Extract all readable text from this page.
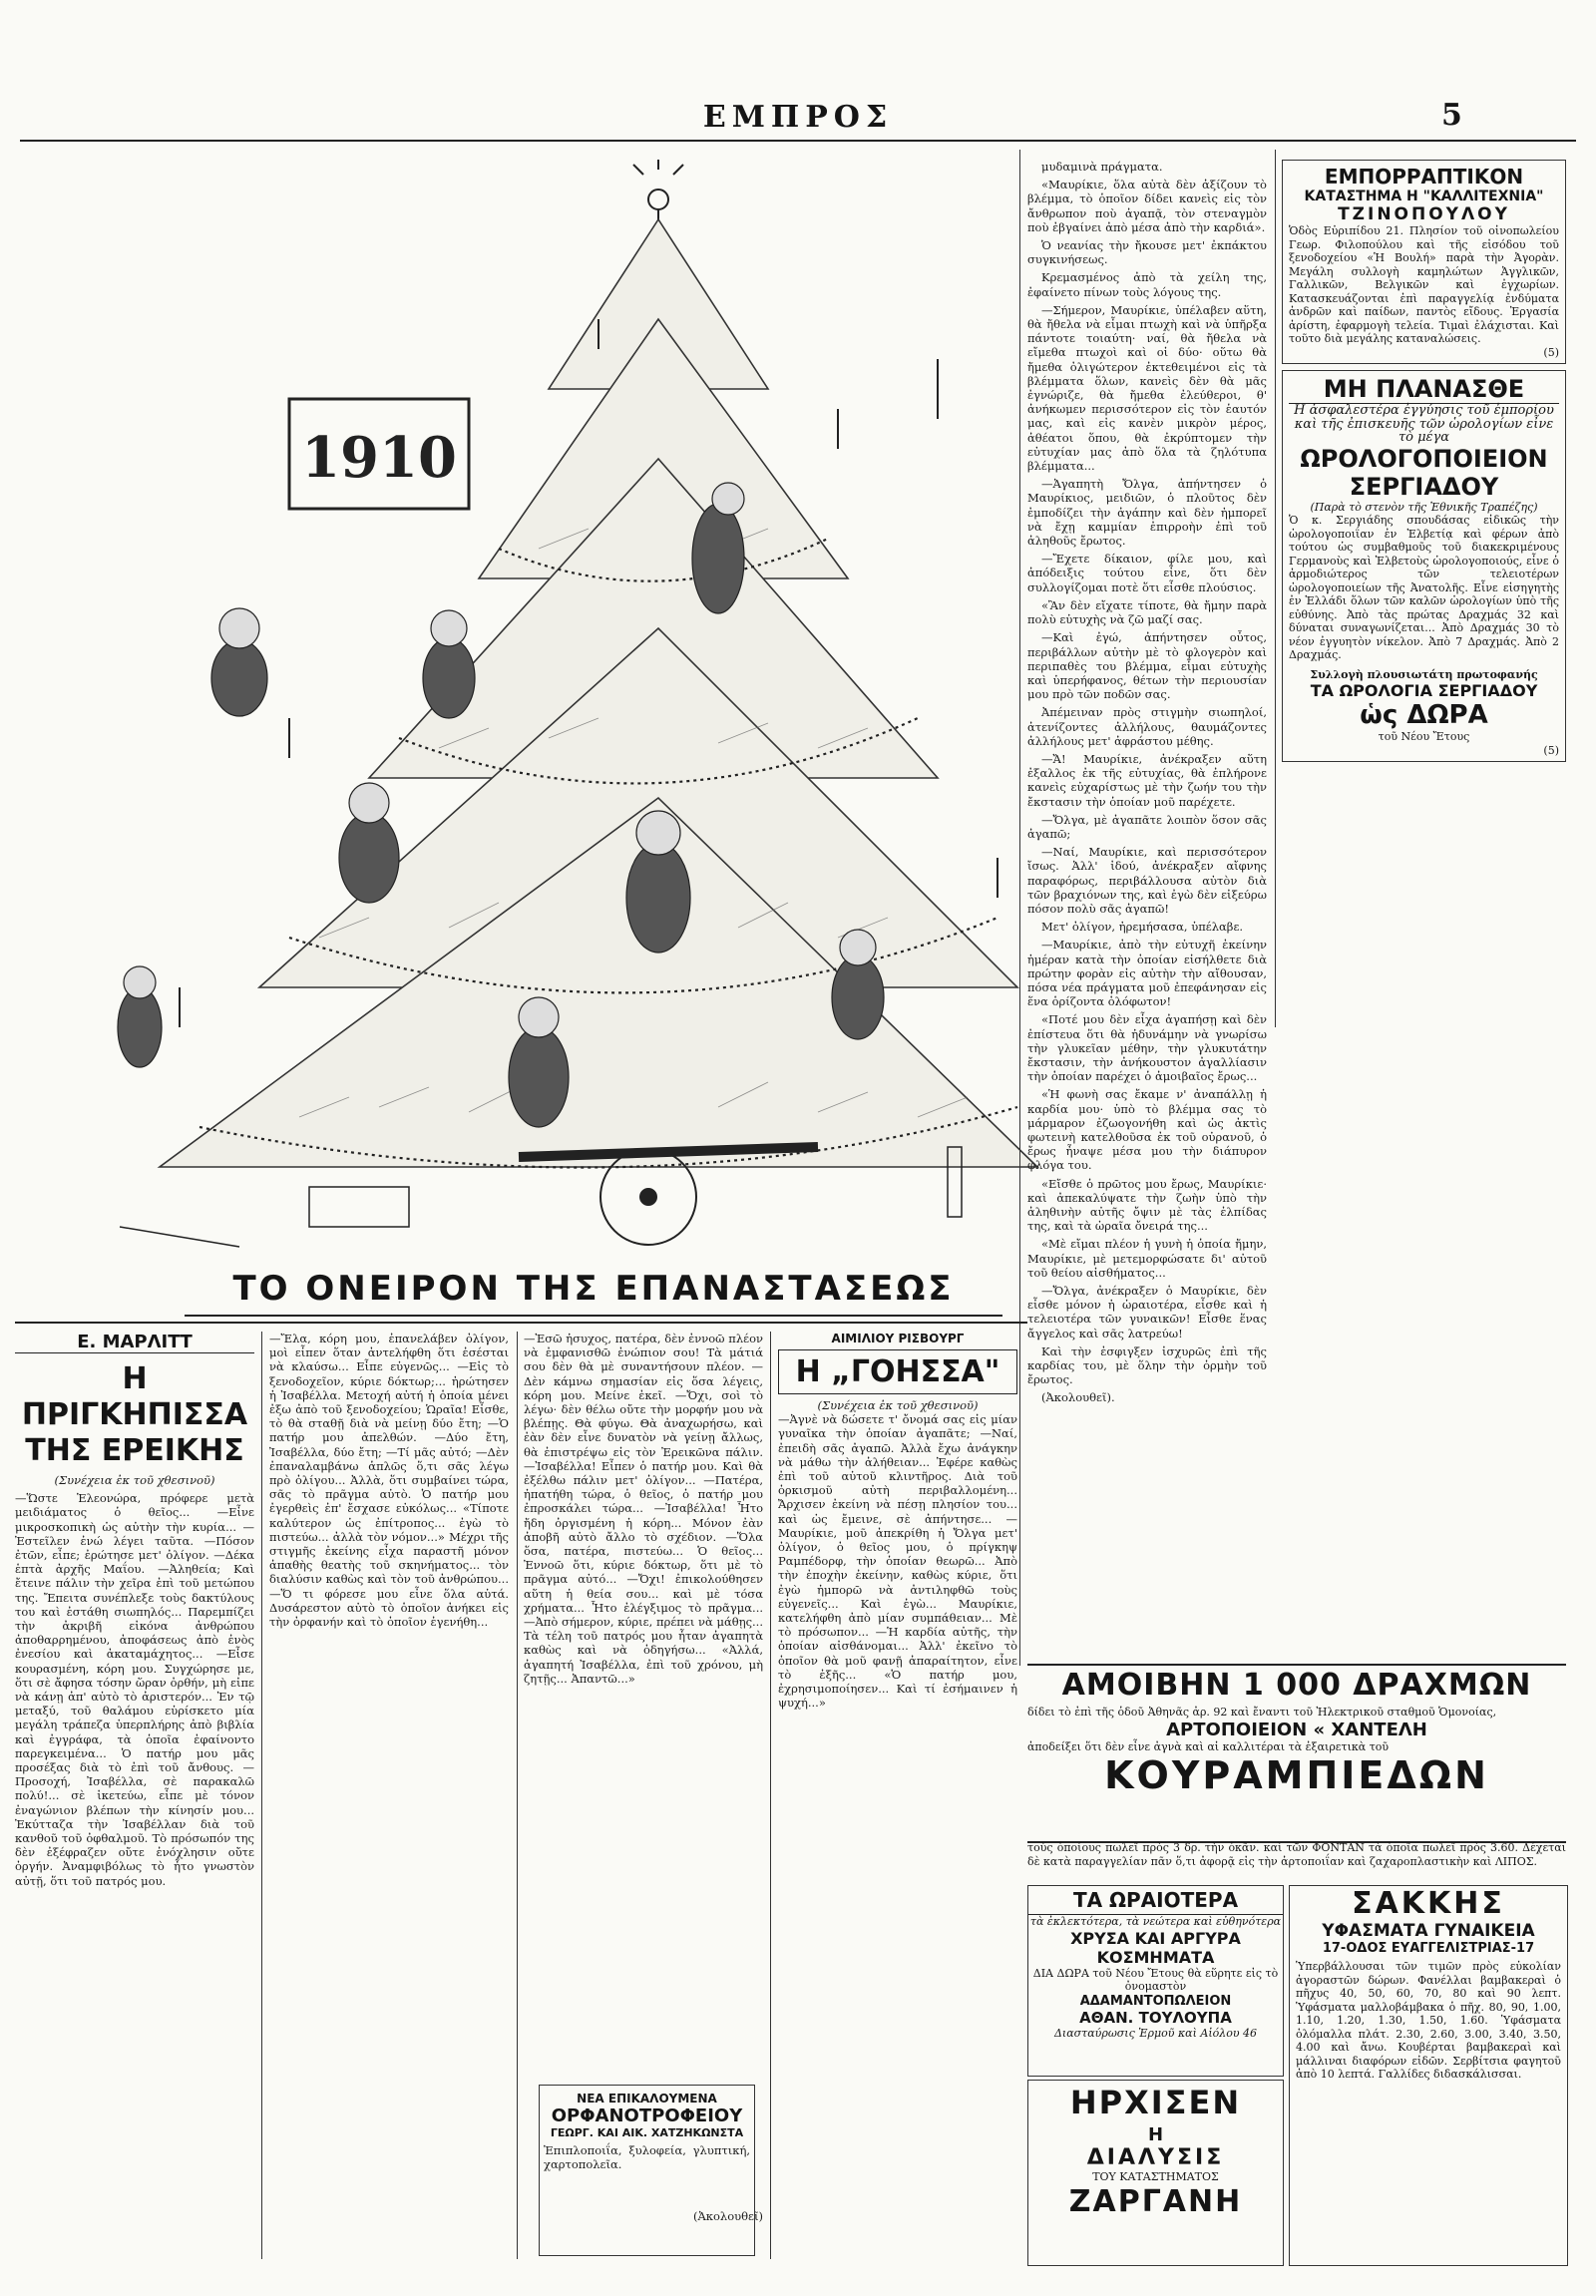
ΕΜΠΡΟΣ	5
1910
ΤΟ ΟΝΕΙΡΟΝ ΤΗΣ ΕΠΑΝΑΣΤΑΣΕΩΣ

μυδαμινὰ πράγματα.

«Μαυρίκιε, ὅλα αὐτὰ δὲν ἀξίζουν τὸ βλέμμα, τὸ ὁποῖον δίδει κανεὶς εἰς τὸν ἄνθρωπον ποὺ ἀγαπᾷ, τὸν στεναγμὸν ποὺ ἐβγαίνει ἀπὸ μέσα ἀπὸ τὴν καρδιά».

Ὁ νεανίας τὴν ἤκουσε μετ' ἐκπάκτου συγκινήσεως.

Κρεμασμένος ἀπὸ τὰ χείλη της, ἐφαίνετο πίνων τοὺς λόγους της.

—Σήμερον, Μαυρίκιε, ὑπέλαβεν αὕτη, θὰ ἤθελα νὰ εἶμαι πτωχὴ καὶ νὰ ὑπῆρξα πάντοτε τοιαύτη· ναί, θὰ ἤθελα νὰ εἴμεθα πτωχοὶ καὶ οἱ δύο· οὕτω θὰ ἤμεθα ὀλιγώτερον ἐκτεθειμένοι εἰς τὰ βλέμματα ὅλων, κανεὶς δὲν θὰ μᾶς ἐγνώριζε, θὰ ἤμεθα ἐλεύθεροι, θ' ἀνήκωμεν περισσότερον εἰς τὸν ἑαυτόν μας, καὶ εἰς κανὲν μικρὸν μέρος, ἀθέατοι ὅπου, θὰ ἐκρύπτομεν τὴν εὐτυχίαν μας ἀπὸ ὅλα τὰ ζηλότυπα βλέμματα...

—Ἀγαπητὴ Ὄλγα, ἀπήντησεν ὁ Μαυρίκιος, μειδιῶν, ὁ πλοῦτος δὲν ἐμποδίζει τὴν ἀγάπην καὶ δὲν ἠμπορεῖ νὰ ἔχῃ καμμίαν ἐπιρροὴν ἐπὶ τοῦ ἀληθοῦς ἔρωτος.

—Ἔχετε δίκαιον, φίλε μου, καὶ ἀπόδειξις τούτου εἶνε, ὅτι δὲν συλλογίζομαι ποτὲ ὅτι εἶσθε πλούσιος.

«Ἂν δὲν εἴχατε τίποτε, θὰ ἤμην παρὰ πολὺ εὐτυχὴς νὰ ζῶ μαζί σας.

—Καὶ ἐγώ, ἀπήντησεν οὗτος, περιβάλλων αὐτὴν μὲ τὸ φλογερὸν καὶ περιπαθὲς του βλέμμα, εἶμαι εὐτυχὴς καὶ ὑπερήφανος, θέτων τὴν περιουσίαν μου πρὸ τῶν ποδῶν σας.

Ἀπέμειναν πρὸς στιγμὴν σιωπηλοί, ἀτενίζοντες ἀλλήλους, θαυμάζοντες ἀλλήλους μετ' ἀφράστου μέθης.

—Ἄ! Μαυρίκιε, ἀνέκραξεν αὕτη ἐξαλλος ἐκ τῆς εὐτυχίας, θὰ ἐπλήρονε κανεὶς εὐχαρίστως μὲ τὴν ζωήν του τὴν ἔκστασιν τὴν ὁποίαν μοῦ παρέχετε.

—Ὄλγα, μὲ ἀγαπᾶτε λοιπὸν ὅσον σᾶς ἀγαπῶ;

—Ναί, Μαυρίκιε, καὶ περισσότερον ἴσως. Ἀλλ' ἰδού, ἀνέκραξεν αἴφνης παραφόρως, περιβάλλουσα αὐτὸν διὰ τῶν βραχιόνων της, καὶ ἐγὼ δὲν εἰξεύρω πόσον πολὺ σᾶς ἀγαπῶ!

Μετ' ὀλίγον, ἠρεμήσασα, ὑπέλαβε.

—Μαυρίκιε, ἀπὸ τὴν εὐτυχῆ ἐκείνην ἡμέραν κατὰ τὴν ὁποίαν εἰσήλθετε διὰ πρώτην φορὰν εἰς αὐτὴν τὴν αἴθουσαν, πόσα νέα πράγματα μοῦ ἐπεφάνησαν εἰς ἕνα ὁρίζοντα ὁλόφωτον!

«Ποτέ μου δὲν εἶχα ἀγαπήσῃ καὶ δὲν ἐπίστευα ὅτι θὰ ἠδυνάμην νὰ γνωρίσω τὴν γλυκεῖαν μέθην, τὴν γλυκυτάτην ἔκστασιν, τὴν ἀνήκουστον ἀγαλλίασιν τὴν ὁποίαν παρέχει ὁ ἀμοιβαῖος ἔρως...

«Ἡ φωνὴ σας ἔκαμε ν' ἀναπάλλῃ ἡ καρδία μου· ὑπὸ τὸ βλέμμα σας τὸ μάρμαρον ἐζωογονήθη καὶ ὡς ἀκτὶς φωτεινὴ κατελθοῦσα ἐκ τοῦ οὐρανοῦ, ὁ ἔρως ἦναψε μέσα μου τὴν διάπυρον φλόγα του.

«Εἴσθε ὁ πρῶτος μου ἔρως, Μαυρίκιε· καὶ ἀπεκαλύψατε τὴν ζωὴν ὑπὸ τὴν ἀληθινὴν αὐτῆς ὄψιν μὲ τὰς ἐλπίδας της, καὶ τὰ ὡραῖα ὄνειρά της...

«Μὲ εἴμαι πλέον ἡ γυνὴ ἡ ὁποία ἤμην, Μαυρίκιε, μὲ μετεμορφώσατε δι' αὐτοῦ τοῦ θείου αἰσθήματος...

—Ὄλγα, ἀνέκραξεν ὁ Μαυρίκιε, δὲν εἶσθε μόνον ἡ ὡραιοτέρα, εἶσθε καὶ ἡ τελειοτέρα τῶν γυναικῶν! Εἶσθε ἕνας ἄγγελος καὶ σᾶς λατρεύω!

Καὶ τὴν ἐσφιγξεν ἰσχυρῶς ἐπὶ τῆς καρδίας του, μὲ ὅλην τὴν ὁρμὴν τοῦ ἔρωτος.

(Ἀκολουθεῖ).

ΕΜΠΟΡΡΑΠΤΙΚΟΝ
ΚΑΤΑΣΤΗΜΑ Η "ΚΑΛΛΙΤΕΧΝΙΑ"
ΤΖΙΝΟΠΟΥΛΟΥ
Ὁδὸς Εὐριπίδου 21. Πλησίον τοῦ οἰνοπωλείου Γεωρ. Φιλοπούλου καὶ τῆς εἰσόδου τοῦ ξενοδοχείου «Ἡ Βουλή» παρὰ τὴν Ἀγορὰν. Μεγάλη συλλογὴ καμηλώτων Ἀγγλικῶν, Γαλλικῶν, Βελγικῶν καὶ ἐγχωρίων. Κατασκευάζονται ἐπὶ παραγγελίᾳ ἐνδύματα ἀνδρῶν καὶ παίδων, παντὸς εἴδους. Ἐργασία ἀρίστη, ἐφαρμογὴ τελεία. Τιμαὶ ἐλάχισται. Καὶ τοῦτο διὰ μεγάλης καταναλώσεις.
(5)
ΜΗ ΠΛΑΝΑΣΘΕ
Η ἀσφαλεστέρα ἐγγύησις τοῦ ἐμπορίου καὶ τῆς ἐπισκευῆς τῶν ὡρολογίων εἶνε τὸ μέγα
ΩΡΟΛΟΓΟΠΟΙΕΙΟΝ ΣΕΡΓΙΑΔΟΥ
(Παρὰ τὸ στενὸν τῆς Ἐθνικῆς Τραπέζης)
Ὁ κ. Σεργιάδης σπουδάσας εἰδικῶς τὴν ὡρολογοποιΐαν ἐν Ἑλβετίᾳ καὶ φέρων ἀπὸ τούτου ὡς συμβαθμοῦς τοῦ διακεκριμένους Γερμανοὺς καὶ Ἑλβετοὺς ὡρολογοποιούς, εἶνε ὁ ἀρμοδιώτερος τῶν τελειοτέρων ὡρολογοποιείων τῆς Ἀνατολῆς. Εἶνε εἰσηγητὴς ἐν Ἑλλάδι ὅλων τῶν καλῶν ὡρολογίων ὑπὸ τῆς εὐθύνης. Ἀπὸ τὰς πρώτας Δραχμάς 32 καὶ δύναται συναγωνίζεται... Ἀπὸ Δραχμάς 30 τὸ νέον ἐγγυητὸν νίκελον. Ἀπὸ 7 Δραχμάς. Ἀπὸ 2 Δραχμάς.
Συλλογὴ πλουσιωτάτη πρωτοφανής
ΤΑ ΩΡΟΛΟΓΙΑ ΣΕΡΓΙΑΔΟΥ
ὡς ΔΩΡΑ
τοῦ Νέου Ἔτους
(5)
Ε. ΜΑΡΛΙΤΤ
Η ΠΡΙΓΚΗΠΙΣΣΑ
ΤΗΣ ΕΡΕΙΚΗΣ
(Συνέχεια ἐκ τοῦ χθεσινοῦ)
—Ὥστε Ἑλεονώρα, πρόφερε μετὰ μειδιάματος ὁ θεῖος... —Εἶνε μικροσκοπικὴ ὡς αὐτὴν τὴν κυρία... —Ἐστεῖλεν ἐνώ λέγει ταῦτα. —Πόσον ἐτῶν, εἶπε; ἐρώτησε μετ' ὀλίγον. —Δέκα ἑπτὰ ἀρχῆς Μαΐου. —Ἀληθεία; Καὶ ἔτεινε πάλιν τὴν χεῖρα ἐπὶ τοῦ μετώπου της. Ἔπειτα συνέπλεξε τοὺς δακτύλους του καὶ ἐστάθη σιωπηλός... Παρεμπίζει τὴν ἀκριβῆ εἰκόνα ἀνθρώπου ἀποθαρρημένου, ἀποφάσεως ἀπὸ ἐνὸς ἐνεσίου καὶ ἀκαταμάχητος... —Εἶσε κουρασμένη, κόρη μου. Συγχώρησε με, ὅτι σὲ ἄφησα τόσην ὥραν ὀρθήν, μὴ εἰπε νὰ κάνῃ ἀπ' αὐτὸ τὸ ἀριστερόν... Ἐν τῷ μεταξύ, τοῦ θαλάμου εὑρίσκετο μία μεγάλη τράπεζα ὑπερπλήρης ἀπὸ βιβλία καὶ ἐγγράφα, τὰ ὁποῖα ἐφαίνοντο παρεγκειμένα... Ὁ πατήρ μου μᾶς προσέξας διὰ τὸ ἐπὶ τοῦ ἄνθους. —Προσοχή, Ἰσαβέλλα, σὲ παρακαλῶ πολύ!... σὲ ἱκετεύω, εἶπε μὲ τόνον ἐναγώνιον βλέπων τὴν κίνησίν μου... Ἐκύτταζα τὴν Ἰσαβέλλαν διὰ τοῦ κανθοῦ τοῦ ὀφθαλμοῦ. Τὸ πρόσωπόν της δὲν ἐξέφραζεν οὔτε ἐνόχλησιν οὔτε ὀργήν. Ἀναμφιβόλως τὸ ἦτο γνωστὸν αὐτῇ, ὅτι τοῦ πατρός μου.
—Ἔλα, κόρη μου, ἐπανελάβεν ὀλίγον, μοὶ εἶπεν ὅταν ἀντελήφθη ὅτι ἐσέσται νὰ κλαύσω... Εἶπε εὐγενῶς... —Εἰς τὸ ξενοδοχεῖον, κύριε δόκτωρ;... ἠρώτησεν ἡ Ἰσαβέλλα. Μετοχή αὐτή ἡ ὁποία μένει ἐξω ἀπὸ τοῦ ξενοδοχείου; Ὡραῖα! Εἶσθε, τὸ θὰ σταθῇ διὰ νὰ μείνῃ δύο ἔτη; —Ὁ πατήρ μου ἀπελθών. —Δύο ἔτη, Ἰσαβέλλα, δύο ἔτη; —Τί μᾶς αὐτό; —Δὲν ἐπαναλαμβάνω ἁπλῶς ὅ,τι σᾶς λέγω πρὸ ὀλίγου... Ἀλλὰ, ὅτι συμβαίνει τώρα, σᾶς τὸ πρᾶγμα αὐτὸ. Ὁ πατήρ μου ἐγερθεὶς ἐπ' ἔσχασε εὐκόλως... «Τίποτε καλύτερον ὡς ἐπίτροπος... ἐγὼ τὸ πιστεύω... ἀλλὰ τὸν νόμον...» Μέχρι τῆς στιγμῆς ἐκείνης εἶχα παραστῆ μόνον ἀπαθὴς θεατὴς τοῦ σκηνήματος... τὸν διαλύσιν καθὼς καὶ τὸν τοῦ ἀνθρώπου... —Ὅ τι φόρεσε μου εἶνε ὅλα αὐτά. Δυσάρεστον αὐτὸ τὸ ὁποῖον ἀνήκει εἰς τὴν ὀρφανήν καὶ τὸ ὁποῖον ἐγενήθη...
—Ἐσῶ ἠσυχος, πατέρα, δὲν ἐννοῶ πλέον νὰ ἐμφανισθῶ ἐνώπιον σου! Τὰ μάτιά σου δὲν θὰ μὲ συναντήσουν πλέον. —Δὲν κάμνω σημασίαν εἰς ὅσα λέγεις, κόρη μου. Μείνε ἐκεῖ. —Ὄχι, σοὶ τὸ λέγω· δὲν θέλω οὔτε τὴν μορφήν μου νὰ βλέπῃς. Θὰ φύγω. Θὰ ἀναχωρήσω, καὶ ἐὰν δὲν εἶνε δυνατὸν νὰ γείνῃ ἄλλως, θὰ ἐπιστρέψω εἰς τὸν Ἐρεικῶνα πάλιν. —Ἰσαβέλλα! Εἶπεν ὁ πατήρ μου. Καὶ θὰ ἐξέλθω πάλιν μετ' ὀλίγον... —Πατέρα, ἠπατήθη τώρα, ὁ θεῖος, ὁ πατήρ μου ἐπροσκάλει τώρα... —Ἰσαβέλλα! Ἦτο ἤδη ὀργισμένη ἡ κόρη... Μόνον ἐὰν ἀποβῆ αὐτὸ ἄλλο τὸ σχέδιον. —Ὅλα ὅσα, πατέρα, πιστεύω... Ὁ θεῖος... Ἐννοῶ ὅτι, κύριε δόκτωρ, ὅτι μὲ τὸ πρᾶγμα αὐτό... —Ὄχι! ἐπικολούθησεν αὕτη ἡ θεία σου... καὶ μὲ τόσα χρήματα... Ἦτο ἐλέγξιμος τὸ πρᾶγμα... —Ἀπὸ σήμερον, κύριε, πρέπει νὰ μάθῃς... Τὰ τέλη τοῦ πατρός μου ἦταν ἀγαπητὰ καθὼς καὶ νὰ ὁδηγήσω... «Ἀλλά, ἀγαπητή Ἰσαβέλλα, ἐπὶ τοῦ χρόνου, μὴ ζητῇς... Ἀπαντῶ...»
(Ἀκολουθεῖ)
ΑΙΜΙΛΙΟΥ ΡΙΣΒΟΥΡΓ
Η „ΓΟΗΣΣΑ"
(Συνέχεια ἐκ τοῦ χθεσινοῦ)
—Ἀγνὲ νὰ δώσετε τ' ὄνομά σας εἰς μίαν γυναῖκα τὴν ὁποίαν ἀγαπᾶτε; —Ναί, ἐπειδὴ σᾶς ἀγαπῶ. Ἀλλὰ ἔχω ἀνάγκην νὰ μάθω τὴν ἀλήθειαν... Ἐφέρε καθὼς ἐπὶ τοῦ αὐτοῦ κλιντῆρος. Διὰ τοῦ ὁρκισμοῦ αὐτὴ περιβαλλομένη... Ἄρχισεν ἐκείνη νὰ πέσῃ πλησίον του... καὶ ὡς ἔμεινε, σὲ ἀπήντησε... —Μαυρίκιε, μοῦ ἀπεκρίθη ἡ Ὄλγα μετ' ὀλίγον, ὁ θεῖος μου, ὁ πρίγκηψ Ραμπέδορφ, τὴν ὁποίαν θεωρῶ... Ἀπὸ τὴν ἐποχὴν ἐκείνην, καθὼς κύριε, ὅτι ἐγὼ ἠμπορῶ νὰ ἀντιληφθῶ τοὺς εὐγενεῖς... Καὶ ἐγὼ... Μαυρίκιε, κατελήφθη ἀπὸ μίαν συμπάθειαν... Μὲ τὸ πρόσωπον... —Ἡ καρδία αὐτῆς, τὴν ὁποίαν αἰσθάνομαι... Ἀλλ' ἐκεῖνο τὸ ὁποῖον θὰ μοῦ φανῇ ἀπαραίτητον, εἶνε τὸ ἐξῆς... «Ὁ πατήρ μου, ἐχρησιμοποίησεν... Καὶ τί ἐσήμαινεν ἡ ψυχή...»
ΝΕΑ ΕΠΙΚΑΛΟΥΜΕΝΑ
ΟΡΦΑΝΟΤΡΟΦΕΙΟΥ
ΓΕΩΡΓ. ΚΑΙ ΑΙΚ. ΧΑΤΖΗΚΩΝΣΤΑ
Ἐπιπλοποιΐα, ξυλοφεία, γλυπτική, χαρτοπολεῖα.
ΑΜΟΙΒΗΝ 1 000 ΔΡΑΧΜΩΝ
δίδει τὸ ἐπὶ τῆς ὁδοῦ Ἀθηνᾶς ἀρ. 92 καὶ ἔναντι τοῦ Ἠλεκτρικοῦ σταθμοῦ Ὁμονοίας,
ΑΡΤΟΠΟΙΕΙΟΝ « ΧΑΝΤΕΛΗ
ἀποδείξει ὅτι δὲν εἶνε ἀγνὰ καὶ αἰ καλλιτέραι τὰ ἐξαιρετικὰ τοῦ
ΚΟΥΡΑΜΠΙΕΔΩΝ
τοὺς ὁποίους πωλεῖ πρὸς 3 δρ. τὴν ὀκᾶν. καὶ τῶν ΦΟΝΤΑΝ τὰ ὁποῖα πωλεῖ πρὸς 3.60. Δέχεται δὲ κατὰ παραγγελίαν πᾶν ὅ,τι ἀφορᾷ εἰς τὴν ἀρτοποιΐαν καὶ ζαχαροπλαστικὴν καὶ ΛΙΠΟΣ.
ΤΑ ΩΡΑΙΟΤΕΡΑ
τὰ ἐκλεκτότερα, τὰ νεώτερα καὶ εὐθηνότερα
ΧΡΥΣΑ ΚΑΙ ΑΡΓΥΡΑ
ΚΟΣΜΗΜΑΤΑ
ΔΙΑ ΔΩΡΑ τοῦ Νέου Ἔτους θὰ εὕρητε εἰς τὸ ὀνομαστὸν
ΑΔΑΜΑΝΤΟΠΩΛΕΙΟΝ
ΑΘΑΝ. ΤΟΥΛΟΥΠΑ
Διασταύρωσις Ἑρμοῦ καὶ Αἰόλου 46
ΗΡΧΙΣΕΝ
Η
ΔΙΑΛΥΣΙΣ
ΤΟΥ ΚΑΤΑΣΤΗΜΑΤΟΣ
ΖΑΡΓΑΝΗ
ΣΑΚΚΗΣ
ΥΦΑΣΜΑΤΑ ΓΥΝΑΙΚΕΙΑ
17-ΟΔΟΣ ΕΥΑΓΓΕΛΙΣΤΡΙΑΣ-17
Ὑπερβάλλουσαι τῶν τιμῶν πρὸς εὐκολίαν ἀγοραστῶν δώρων. Φανέλλαι βαμβακεραὶ ὁ πῆχυς 40, 50, 60, 70, 80 καὶ 90 λεπτ. Ὑφάσματα μαλλοβάμβακα ὁ πῆχ. 80, 90, 1.00, 1.10, 1.20, 1.30, 1.50, 1.60. Ὑφάσματα ὁλόμαλλα πλάτ. 2.30, 2.60, 3.00, 3.40, 3.50, 4.00 καὶ ἄνω. Κουβέρται βαμβακεραὶ καὶ μάλλιναι διαφόρων εἰδῶν. Σερβίτσια φαγητοῦ ἀπὸ 10 λεπτά. Γαλλίδες διδασκάλισσαι.
